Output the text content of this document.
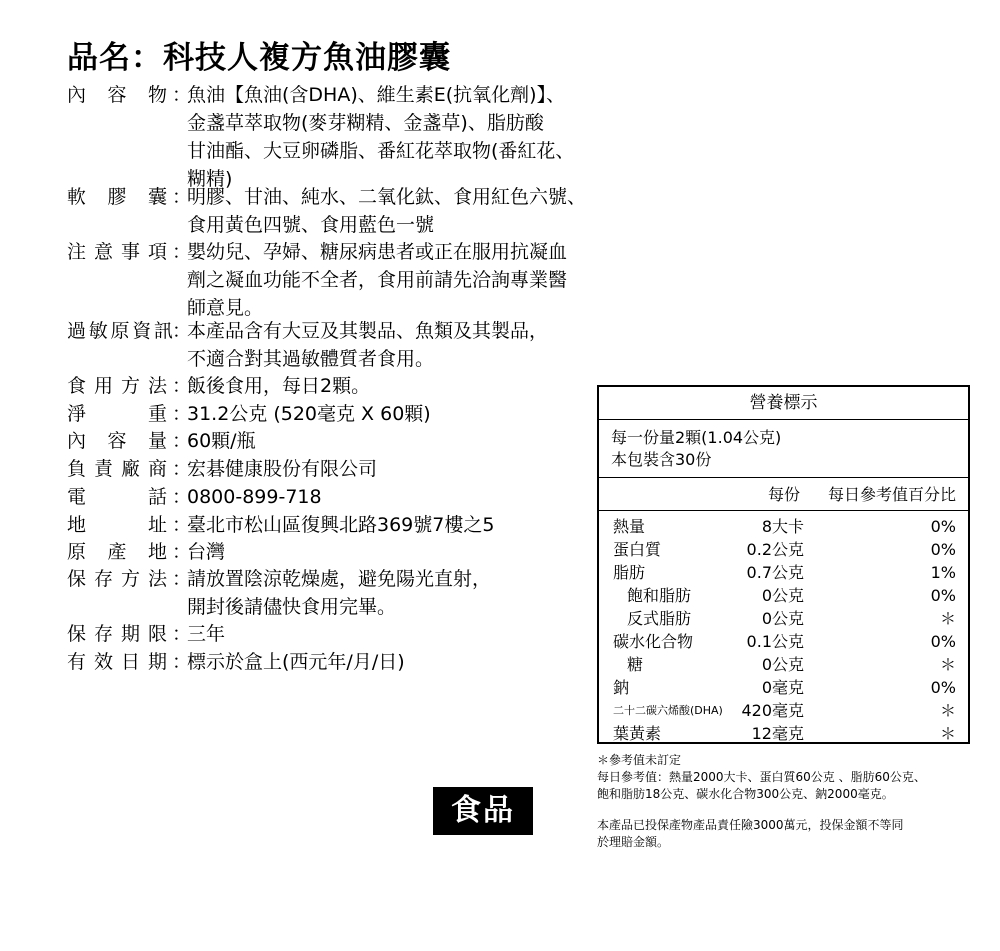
品名：科技人複方魚油膠囊
內 容 物 ：

魚油【魚油(含DHA)、維生素E(抗氧化劑)】、

金盞草萃取物(麥芽糊精、金盞草)、脂肪酸

甘油酯、大豆卵磷脂、番紅花萃取物(番紅花、

糊精)

軟 膠 囊 ：

明膠、甘油、純水、二氧化鈦、食用紅色六號、

食用黃色四號、食用藍色一號

注 意 事 項 ：

嬰幼兒、孕婦、糖尿病患者或正在服用抗凝血

劑之凝血功能不全者，食用前請先洽詢專業醫

師意見。

過 敏 原 資 訊 ：

本產品含有大豆及其製品、魚類及其製品，

不適合對其過敏體質者食用。

食 用 方 法 ：

飯後食用，每日2顆。

淨	重 ：

31.2公克 (520毫克 X 60顆)

內 容 量 ：

60顆/瓶

負 責 廠 商 ：

宏碁健康股份有限公司

電	話 ：

0800-899-718

地	址 ：

臺北市松山區復興北路369號7樓之5

原 產 地 ：

台灣

保 存 方 法 ：

請放置陰涼乾燥處，避免陽光直射，

開封後請儘快食用完畢。

保 存 期 限 ：

三年

有 效 日 期 ：

標示於盒上(西元年/月/日)

營養標示

每一份量2顆(1.04公克)

本包裝含30份

每份 每日參考值百分比
熱量	8大卡	0%
蛋白質	0.2公克	0%
脂肪	0.7公克	1%
飽和脂肪	0公克	0%
反式脂肪	0公克	＊
碳水化合物	0.1公克	0%
糖	0公克	＊
鈉	0毫克	0%
二十二碳六烯酸(DHA) 420毫克	＊
葉黃素	12毫克	＊

＊參考值未訂定

每日參考值：熱量2000大卡、蛋白質60公克 、脂肪60公克、

飽和脂肪18公克、碳水化合物300公克、鈉2000毫克。

本產品已投保產物產品責任險3000萬元，投保金額不等同

於理賠金額。

食品
